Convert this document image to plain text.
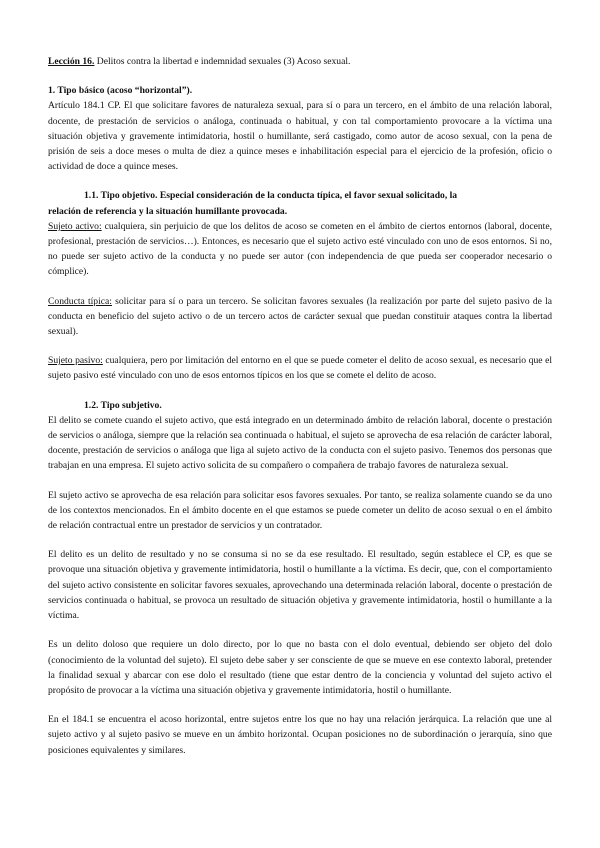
Lección 16. Delitos contra la libertad e indemnidad sexuales (3) Acoso sexual.

1. Tipo básico (acoso “horizontal”).

Artículo 184.1 CP. El que solicitare favores de naturaleza sexual, para sí o para un tercero, en el ámbito de una relación laboral, docente, de prestación de servicios o análoga, continuada o habitual, y con tal comportamiento provocare a la víctima una situación objetiva y gravemente intimidatoria, hostil o humillante, será castigado, como autor de acoso sexual, con la pena de prisión de seis a doce meses o multa de diez a quince meses e inhabilitación especial para el ejercicio de la profesión, oficio o actividad de doce a quince meses.

1.1. Tipo objetivo. Especial consideración de la conducta típica, el favor sexual solicitado, la

relación de referencia y la situación humillante provocada.

Sujeto activo: cualquiera, sin perjuicio de que los delitos de acoso se cometen en el ámbito de ciertos entornos (laboral, docente, profesional, prestación de servicios…). Entonces, es necesario que el sujeto activo esté vinculado con uno de esos entornos. Si no, no puede ser sujeto activo de la conducta y no puede ser autor (con independencia de que pueda ser cooperador necesario o cómplice).

Conducta típica: solicitar para sí o para un tercero. Se solicitan favores sexuales (la realización por parte del sujeto pasivo de la conducta en beneficio del sujeto activo o de un tercero actos de carácter sexual que puedan constituir ataques contra la libertad sexual).

Sujeto pasivo: cualquiera, pero por limitación del entorno en el que se puede cometer el delito de acoso sexual, es necesario que el sujeto pasivo esté vinculado con uno de esos entornos típicos en los que se comete el delito de acoso.

1.2. Tipo subjetivo.

El delito se comete cuando el sujeto activo, que está integrado en un determinado ámbito de relación laboral, docente o prestación de servicios o análoga, siempre que la relación sea continuada o habitual, el sujeto se aprovecha de esa relación de carácter laboral, docente, prestación de servicios o análoga que liga al sujeto activo de la conducta con el sujeto pasivo. Tenemos dos personas que trabajan en una empresa. El sujeto activo solicita de su compañero o compañera de trabajo favores de naturaleza sexual.

El sujeto activo se aprovecha de esa relación para solicitar esos favores sexuales. Por tanto, se realiza solamente cuando se da uno de los contextos mencionados. En el ámbito docente en el que estamos se puede cometer un delito de acoso sexual o en el ámbito de relación contractual entre un prestador de servicios y un contratador.

El delito es un delito de resultado y no se consuma si no se da ese resultado. El resultado, según establece el CP, es que se provoque una situación objetiva y gravemente intimidatoria, hostil o humillante a la víctima. Es decir, que, con el comportamiento del sujeto activo consistente en solicitar favores sexuales, aprovechando una determinada relación laboral, docente o prestación de servicios continuada o habitual, se provoca un resultado de situación objetiva y gravemente intimidatoria, hostil o humillante a la víctima.

Es un delito doloso que requiere un dolo directo, por lo que no basta con el dolo eventual, debiendo ser objeto del dolo (conocimiento de la voluntad del sujeto). El sujeto debe saber y ser consciente de que se mueve en ese contexto laboral, pretender la finalidad sexual y abarcar con ese dolo el resultado (tiene que estar dentro de la conciencia y voluntad del sujeto activo el propósito de provocar a la víctima una situación objetiva y gravemente intimidatoria, hostil o humillante.

En el 184.1 se encuentra el acoso horizontal, entre sujetos entre los que no hay una relación jerárquica. La relación que une al sujeto activo y al sujeto pasivo se mueve en un ámbito horizontal. Ocupan posiciones no de subordinación o jerarquía, sino que posiciones equivalentes y similares.
